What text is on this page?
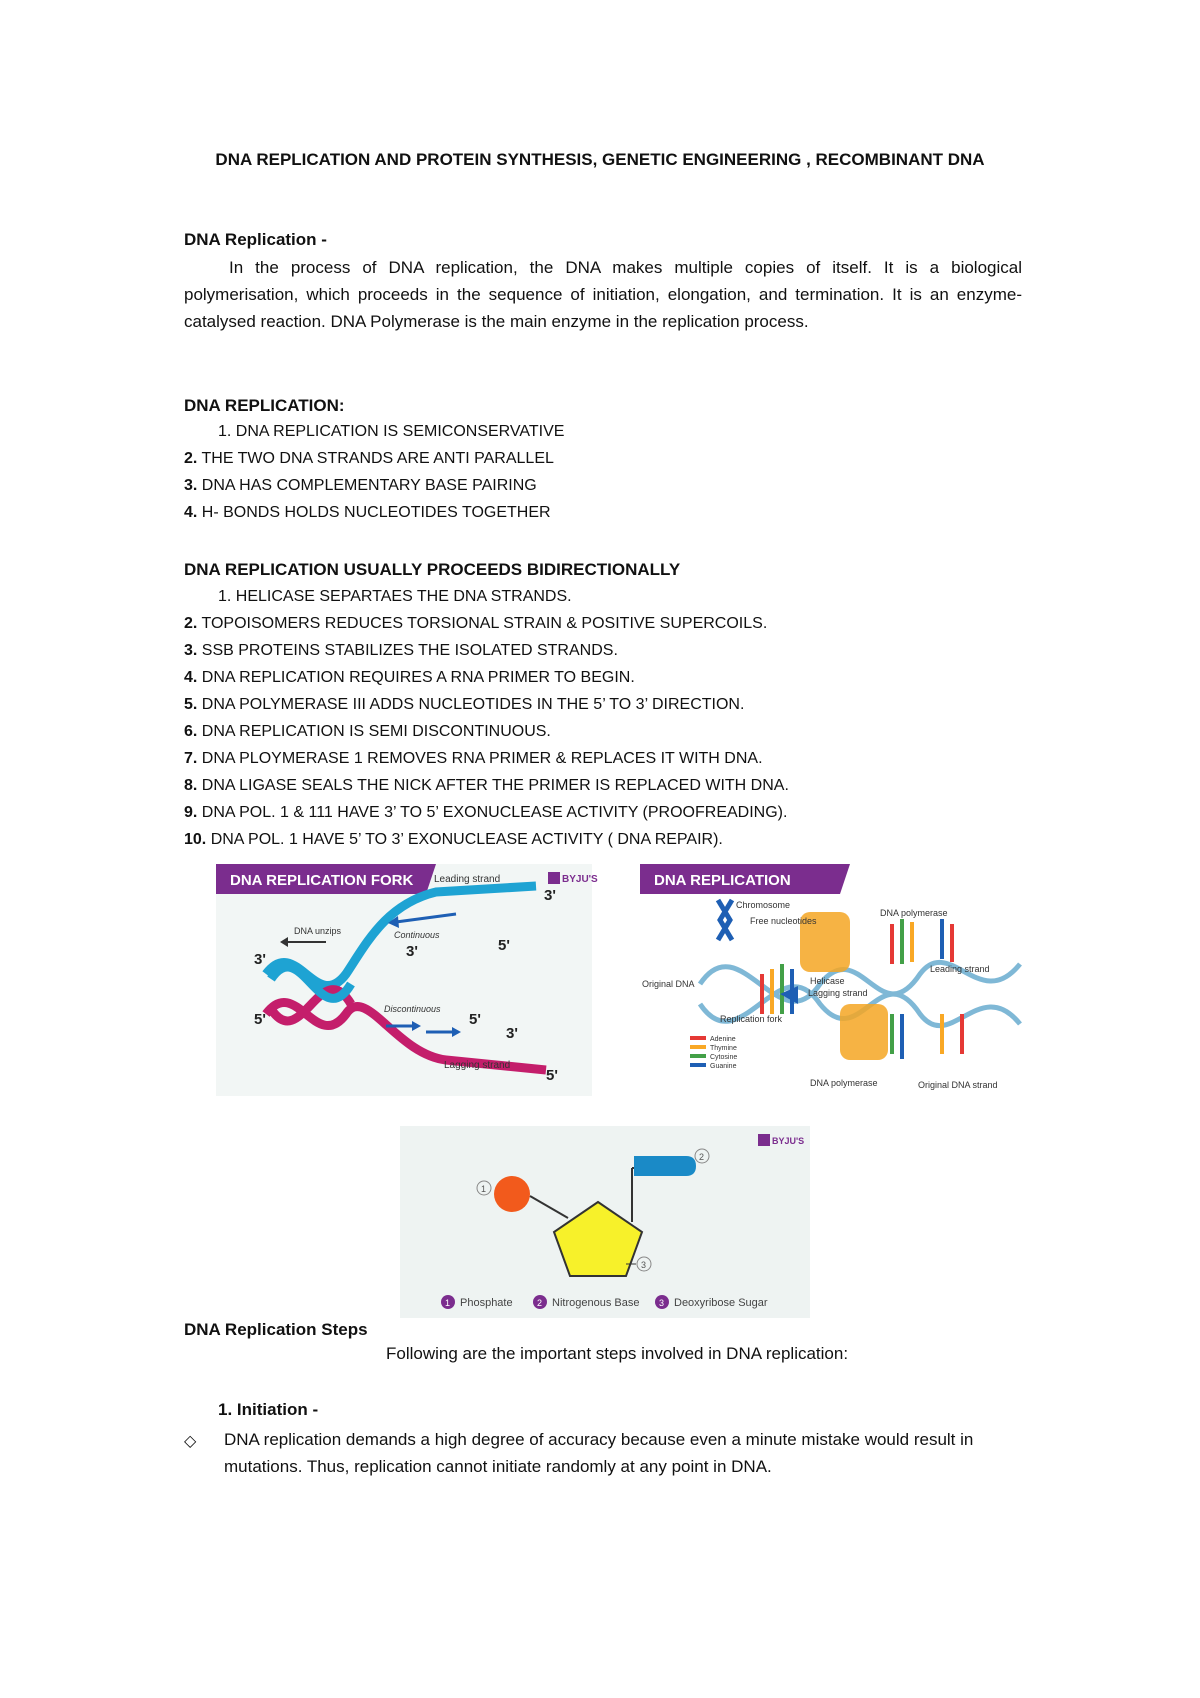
DNA REPLICATION AND PROTEIN SYNTHESIS, GENETIC ENGINEERING , RECOMBINANT DNA
DNA Replication -
In the process of DNA replication, the DNA makes multiple copies of itself. It is a biological polymerisation, which proceeds in the sequence of initiation, elongation, and termination. It is an enzyme-catalysed reaction. DNA Polymerase is the main enzyme in the replication process.
DNA REPLICATION:
1. DNA REPLICATION IS SEMICONSERVATIVE
2. THE TWO DNA STRANDS ARE ANTI PARALLEL
3. DNA HAS COMPLEMENTARY BASE PAIRING
4. H- BONDS HOLDS NUCLEOTIDES TOGETHER
DNA REPLICATION USUALLY PROCEEDS BIDIRECTIONALLY
1. HELICASE SEPARTAES THE DNA STRANDS.
2. TOPOISOMERS REDUCES TORSIONAL STRAIN & POSITIVE SUPERCOILS.
3. SSB PROTEINS STABILIZES THE ISOLATED STRANDS.
4. DNA REPLICATION REQUIRES A RNA PRIMER TO BEGIN.
5. DNA POLYMERASE III ADDS NUCLEOTIDES IN THE 5’ TO 3’ DIRECTION.
6. DNA REPLICATION IS SEMI DISCONTINUOUS.
7. DNA PLOYMERASE 1 REMOVES RNA PRIMER & REPLACES IT WITH DNA.
8. DNA LIGASE SEALS THE NICK AFTER THE PRIMER IS REPLACED WITH DNA.
9. DNA POL. 1 & 111 HAVE 3’ TO 5’ EXONUCLEASE ACTIVITY (PROOFREADING).
10. DNA POL. 1 HAVE 5’ TO 3’ EXONUCLEASE ACTIVITY ( DNA REPAIR).
DNA REPLICATION FORK	BYJU'S
Leading strand
DNA unzips	Continuous
Discontinuous
Lagging strand
3'
3'	3'
3'
5'
5'	5'
5'
DNA REPLICATION
Chromosome
Free nucleotides
DNA polymerase
Leading strand
Original DNA	Helicase
Lagging strand
Replication fork
Adenine
Thymine
Cytosine
Guanine
DNA polymerase	Original DNA strand
BYJU'S
1
2
3
1 Phosphate	2 Nitrogenous Base 3 Deoxyribose Sugar
DNA Replication Steps
Following are the important steps involved in DNA replication:
1. Initiation -
◇ DNA replication demands a high degree of accuracy because even a minute mistake would result in mutations. Thus, replication cannot initiate randomly at any point in DNA.
